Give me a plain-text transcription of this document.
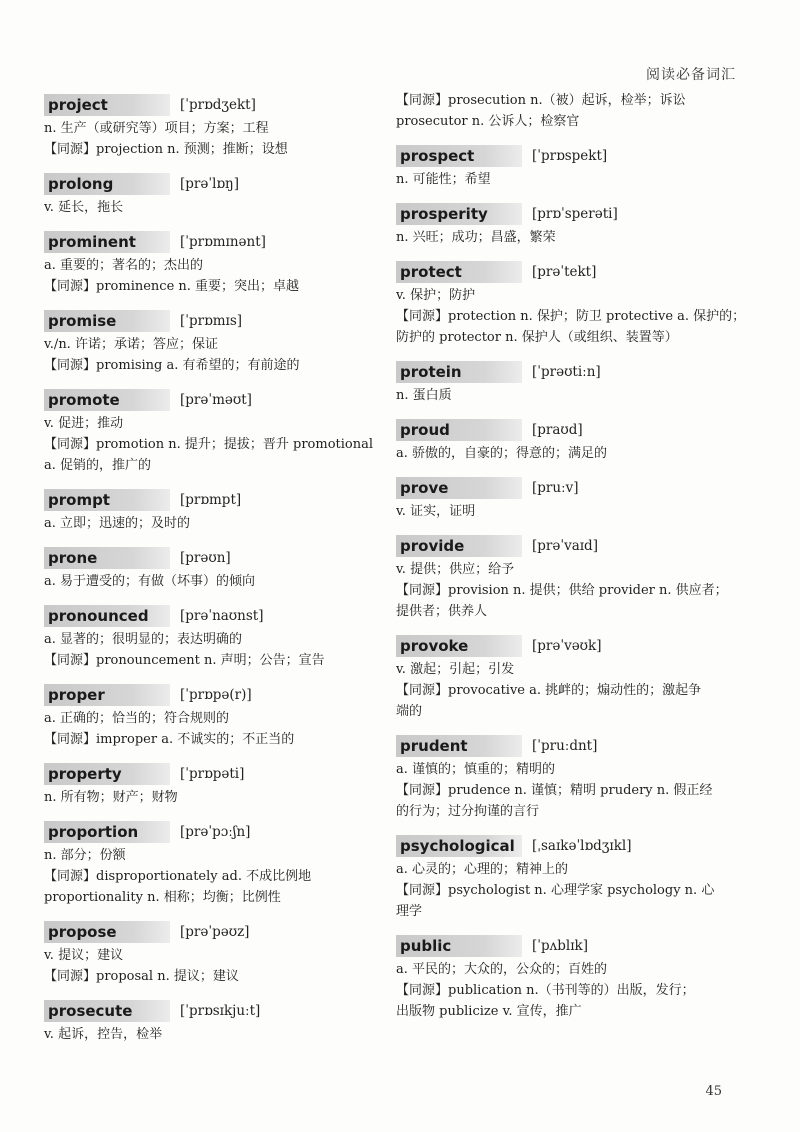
阅读必备词汇
project	[ˈprɒdʒekt]
n. 生产（或研究等）项目；方案；工程
【同源】projection n. 预测；推断；设想
prolong	[prəˈlɒŋ]
v. 延长，拖长
prominent	[ˈprɒmɪnənt]
a. 重要的；著名的；杰出的
【同源】prominence n. 重要；突出；卓越
promise	[ˈprɒmɪs]
v./n. 许诺；承诺；答应；保证
【同源】promising a. 有希望的；有前途的
promote	[prəˈməʊt]
v. 促进；推动
【同源】promotion n. 提升；提拔；晋升 promotional
a. 促销的，推广的
prompt	[prɒmpt]
a. 立即；迅速的；及时的
prone	[prəʊn]
a. 易于遭受的；有做（坏事）的倾向
pronounced	[prəˈnaʊnst]
a. 显著的；很明显的；表达明确的
【同源】pronouncement n. 声明；公告；宣告
proper	[ˈprɒpə(r)]
a. 正确的；恰当的；符合规则的
【同源】improper a. 不诚实的；不正当的
property	[ˈprɒpəti]
n. 所有物；财产；财物
proportion	[prəˈpɔːʃn]
n. 部分；份额
【同源】disproportionately ad. 不成比例地
proportionality n. 相称；均衡；比例性
propose	[prəˈpəʊz]
v. 提议；建议
【同源】proposal n. 提议；建议
prosecute	[ˈprɒsɪkjuːt]
v. 起诉，控告，检举
【同源】prosecution n.（被）起诉，检举；诉讼
prosecutor n. 公诉人；检察官
prospect	[ˈprɒspekt]
n. 可能性；希望
prosperity	[prɒˈsperəti]
n. 兴旺；成功；昌盛，繁荣
protect	[prəˈtekt]
v. 保护；防护
【同源】protection n. 保护；防卫 protective a. 保护的；
防护的 protector n. 保护人（或组织、装置等）
protein	[ˈprəʊtiːn]
n. 蛋白质
proud	[praʊd]
a. 骄傲的，自豪的；得意的；满足的
prove	[pruːv]
v. 证实，证明
provide	[prəˈvaɪd]
v. 提供；供应；给予
【同源】provision n. 提供；供给 provider n. 供应者；
提供者；供养人
provoke	[prəˈvəʊk]
v. 激起；引起；引发
【同源】provocative a. 挑衅的；煽动性的；激起争
端的
prudent	[ˈpruːdnt]
a. 谨慎的；慎重的；精明的
【同源】prudence n. 谨慎；精明 prudery n. 假正经
的行为；过分拘谨的言行
psychological	[ˌsaɪkəˈlɒdʒɪkl]
a. 心灵的；心理的；精神上的
【同源】psychologist n. 心理学家 psychology n. 心
理学
public	[ˈpʌblɪk]
a. 平民的；大众的，公众的；百姓的
【同源】publication n.（书刊等的）出版，发行；
出版物 publicize v. 宣传，推广
45
